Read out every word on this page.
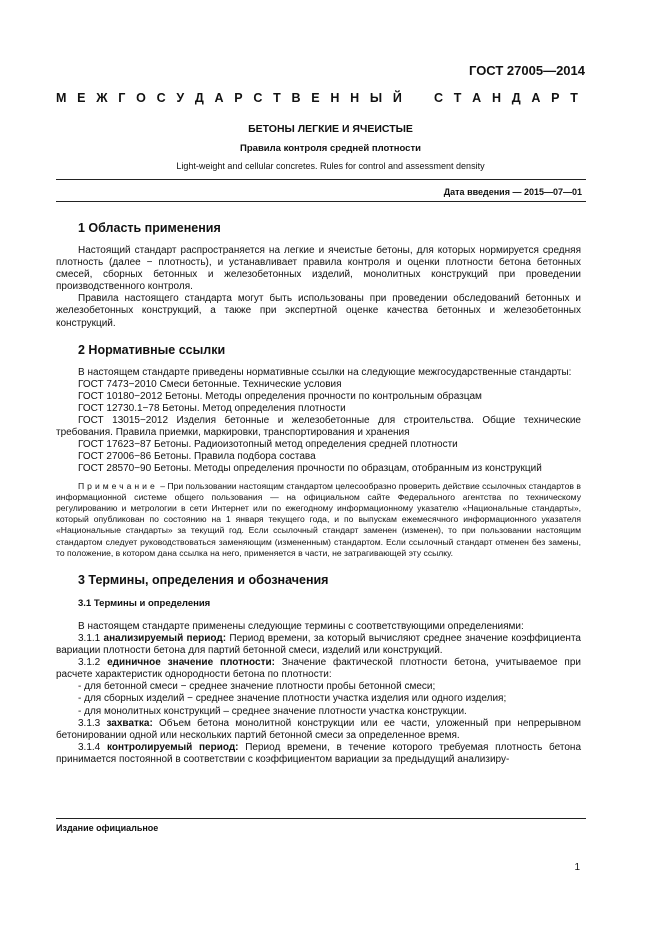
ГОСТ 27005—2014
М Е Ж Г О С У Д А Р С Т В Е Н Н Ы Й	С Т А Н Д А Р Т
БЕТОНЫ ЛЕГКИЕ И ЯЧЕИСТЫЕ
Правила контроля средней плотности
Light-weight and cellular concretes. Rules for control and assessment density
Дата введения — 2015—07—01
1 Область применения

Настоящий стандарт распространяется на легкие и ячеистые бетоны, для которых нормируется средняя плотность (далее − плотность), и устанавливает правила контроля и оценки плотности бетона бетонных смесей, сборных бетонных и железобетонных изделий, монолитных конструкций при проведении производственного контроля.

Правила настоящего стандарта могут быть использованы при проведении обследований бетонных и железобетонных конструкций, а также при экспертной оценке качества бетонных и железобетонных конструкций.

2 Нормативные ссылки

В настоящем стандарте приведены нормативные ссылки на следующие межгосударственные стандарты:

ГОСТ 7473−2010 Смеси бетонные. Технические условия

ГОСТ 10180−2012 Бетоны. Методы определения прочности по контрольным образцам

ГОСТ 12730.1−78 Бетоны. Метод определения плотности

ГОСТ 13015−2012 Изделия бетонные и железобетонные для строительства. Общие технические требования. Правила приемки, маркировки, транспортирования и хранения

ГОСТ 17623−87 Бетоны. Радиоизотопный метод определения средней плотности

ГОСТ 27006−86 Бетоны. Правила подбора состава

ГОСТ 28570−90 Бетоны. Методы определения прочности по образцам, отобранным из конструкций

Примечание – При пользовании настоящим стандартом целесообразно проверить действие ссылочных стандартов в информационной системе общего пользования — на официальном сайте Федерального агентства по техническому регулированию и метрологии в сети Интернет или по ежегодному информационному указателю «Национальные стандарты», который опубликован по состоянию на 1 января текущего года, и по выпускам ежемесячного информационного указателя «Национальные стандарты» за текущий год. Если ссылочный стандарт заменен (изменен), то при пользовании настоящим стандартом следует руководствоваться заменяющим (измененным) стандартом. Если ссылочный стандарт отменен без замены, то положение, в котором дана ссылка на него, применяется в части, не затрагивающей эту ссылку.
3 Термины, определения и обозначения
3.1 Термины и определения

В настоящем стандарте применены следующие термины с соответствующими определениями:

3.1.1 анализируемый период: Период времени, за который вычисляют среднее значение коэффициента вариации плотности бетона для партий бетонной смеси, изделий или конструкций.

3.1.2 единичное значение плотности: Значение фактической плотности бетона, учитываемое при расчете характеристик однородности бетона по плотности:

- для бетонной смеси − среднее значение плотности пробы бетонной смеси;

- для сборных изделий − среднее значение плотности участка изделия или одного изделия;

- для монолитных конструкций – среднее значение плотности участка конструкции.

3.1.3 захватка: Объем бетона монолитной конструкции или ее части, уложенный при непрерывном бетонировании одной или нескольких партий бетонной смеси за определенное время.

3.1.4 контролируемый период: Период времени, в течение которого требуемая плотность бетона принимается постоянной в соответствии с коэффициентом вариации за предыдущий анализиру-

Издание официальное
1
